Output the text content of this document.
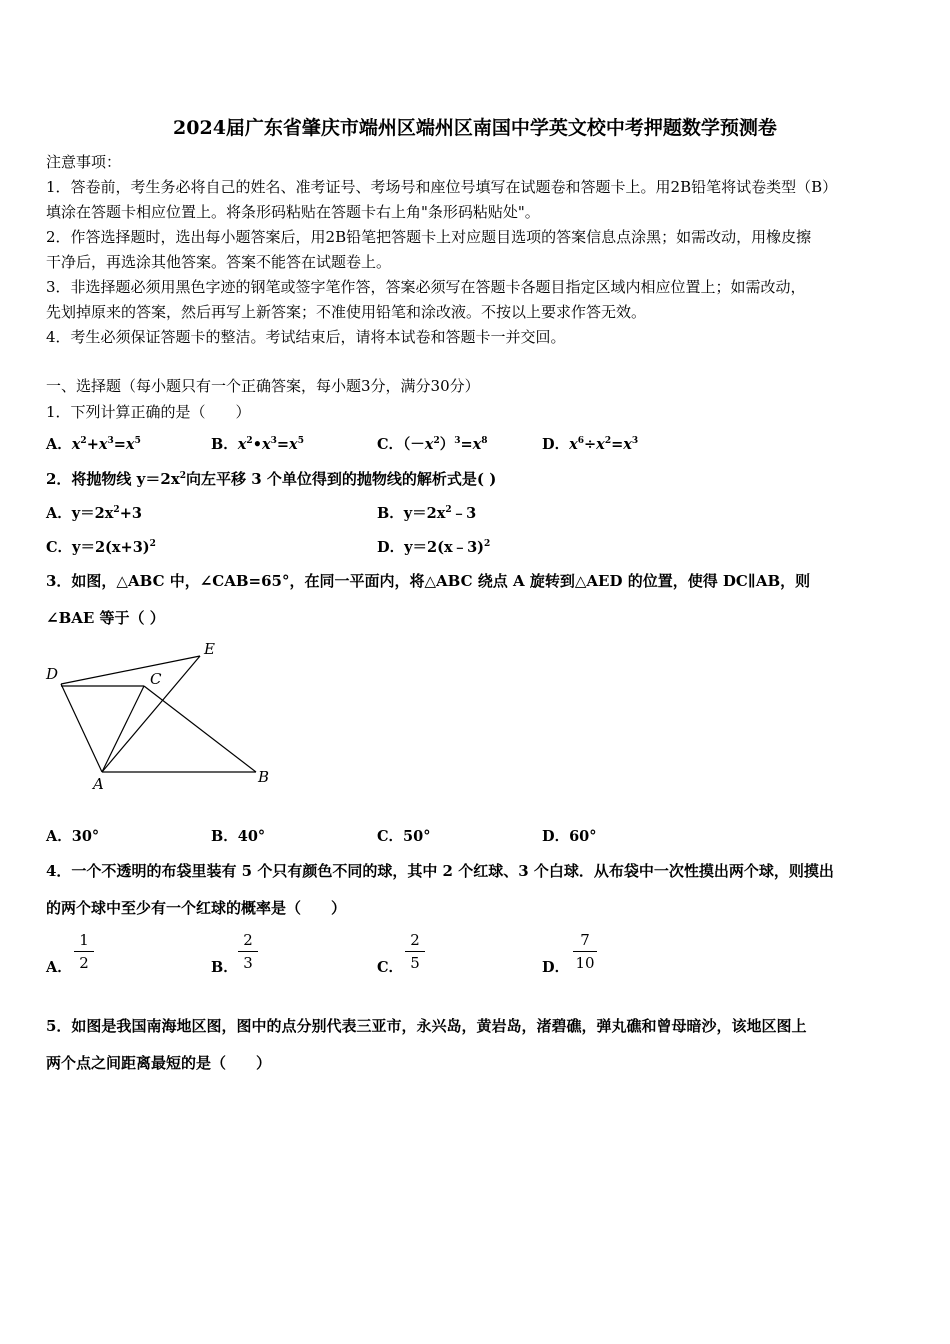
2024届广东省肇庆市端州区端州区南国中学英文校中考押题数学预测卷
注意事项：
1．答卷前，考生务必将自己的姓名、准考证号、考场号和座位号填写在试题卷和答题卡上。用2B铅笔将试卷类型（B）
填涂在答题卡相应位置上。将条形码粘贴在答题卡右上角"条形码粘贴处"。
2．作答选择题时，选出每小题答案后，用2B铅笔把答题卡上对应题目选项的答案信息点涂黑；如需改动，用橡皮擦
干净后，再选涂其他答案。答案不能答在试题卷上。
3．非选择题必须用黑色字迹的钢笔或签字笔作答，答案必须写在答题卡各题目指定区域内相应位置上；如需改动，
先划掉原来的答案，然后再写上新答案；不准使用铅笔和涂改液。不按以上要求作答无效。
4．考生必须保证答题卡的整洁。考试结束后，请将本试卷和答题卡一并交回。
一、选择题（每小题只有一个正确答案，每小题3分，满分30分）
1．下列计算正确的是（　　）
A．$x^2+x^3=x^5$	B．$x^2•x^3=x^5$	C．$(-x^2)^3=x^8$	D．$x^6\div x^2=x^3$
2．将抛物线 $y=2x^2$向左平移 3 个单位得到的抛物线的解析式是( )
A．$y=2x^2+3$	B．$y=2x^2﹣3$
C．$y=2(x+3)^2$	D．y＝2(x﹣3)$^2$
3．如图，△ABC 中，∠CAB=65°，在同一平面内，将△ABC 绕点 A 旋转到△AED 的位置，使得 DC∥AB，则
∠BAE 等于（ ）
D
E
C
A	B
A．30°	B．40°	C．50°	D．60°
4．一个不透明的布袋里装有 5 个只有颜色不同的球，其中 2 个红球、3 个白球．从布袋中一次性摸出两个球，则摸出
的两个球中至少有一个红球的概率是（　　）
A．
1
2	B．
2
3	C．
2
5	D．
7
10
5．如图是我国南海地区图，图中的点分别代表三亚市，永兴岛，黄岩岛，渚碧礁，弹丸礁和曾母暗沙，该地区图上
两个点之间距离最短的是（　　）
